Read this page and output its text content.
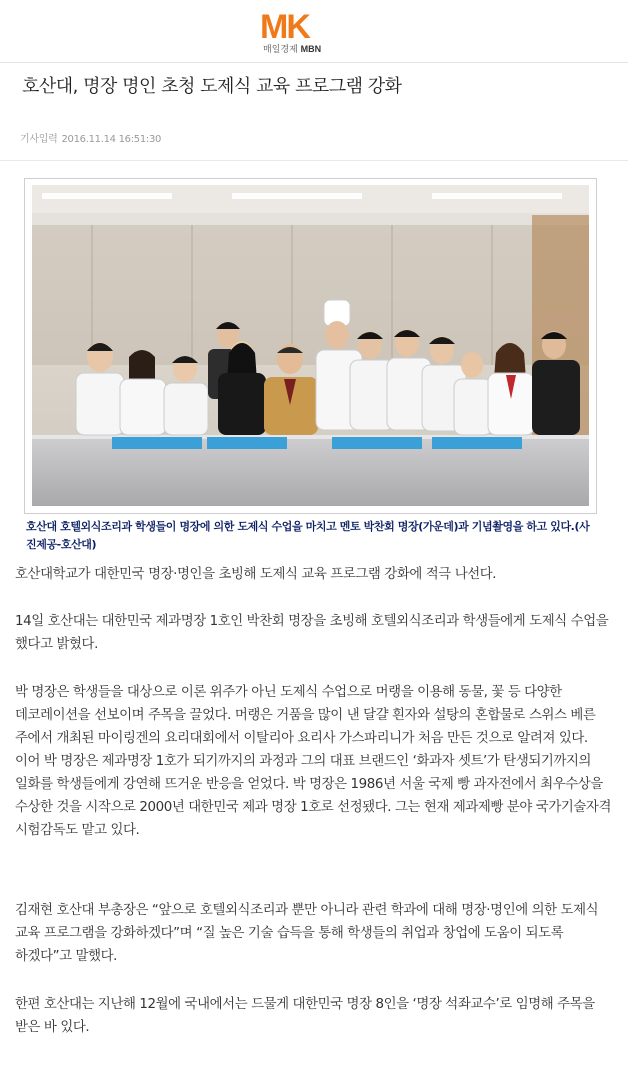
MK
매일경제 MBN
호산대, 명장 명인 초청 도제식 교육 프로그램 강화
기사입력 2016.11.14 16:51:30

호산대 호텔외식조리과 학생들이 명장에 의한 도제식 수업을 마치고 멘토 박찬회 명장(가운데)과 기념촬영을 하고 있다.(사진제공-호산대)

호산대학교가 대한민국 명장·명인을 초빙해 도제식 교육 프로그램 강화에 적극 나선다.

14일 호산대는 대한민국 제과명장 1호인 박찬회 명장을 초빙해 호텔외식조리과 학생들에게 도제식 수업을 했다고 밝혔다.

박 명장은 학생들을 대상으로 이론 위주가 아닌 도제식 수업으로 머랭을 이용해 동물, 꽃 등 다양한 데코레이션을 선보이며 주목을 끌었다. 머랭은 거품을 많이 낸 달걀 흰자와 설탕의 혼합물로 스위스 베른 주에서 개최된 마이링겐의 요리대회에서 이탈리아 요리사 가스파리니가 처음 만든 것으로 알려져 있다. 이어 박 명장은 제과명장 1호가 되기까지의 과정과 그의 대표 브랜드인 ‘화과자 셋트’가 탄생되기까지의 일화를 학생들에게 강연해 뜨거운 반응을 얻었다. 박 명장은 1986년 서울 국제 빵 과자전에서 최우수상을 수상한 것을 시작으로 2000년 대한민국 제과 명장 1호로 선정됐다. 그는 현재 제과제빵 분야 국가기술자격 시험감독도 맡고 있다.

김재현 호산대 부총장은 “앞으로 호텔외식조리과 뿐만 아니라 관련 학과에 대해 명장·명인에 의한 도제식 교육 프로그램을 강화하겠다”며 “질 높은 기술 습득을 통해 학생들의 취업과 창업에 도움이 되도록 하겠다”고 말했다.

한편 호산대는 지난해 12월에 국내에서는 드물게 대한민국 명장 8인을 ‘명장 석좌교수’로 임명해 주목을 받은 바 있다.
